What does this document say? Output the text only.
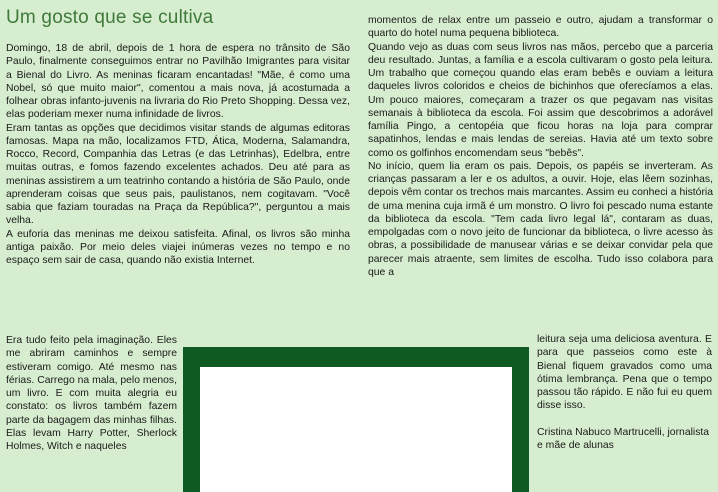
Um gosto que se cultiva

Domingo, 18 de abril, depois de 1 hora de espera no trânsito de São Paulo, finalmente conseguimos entrar no Pavilhão Imigrantes para visitar a Bienal do Livro. As meninas ficaram encantadas! "Mãe, é como uma Nobel, só que muito maior", comentou a mais nova, já acostumada a folhear obras infanto-juvenis na livraria do Rio Preto Shopping. Dessa vez, elas poderiam mexer numa infinidade de livros.

Eram tantas as opções que decidimos visitar stands de algumas editoras famosas. Mapa na mão, localizamos FTD, Ática, Moderna, Salamandra, Rocco, Record, Companhia das Letras (e das Letrinhas), Edelbra, entre muitas outras, e fomos fazendo excelentes achados. Deu até para as meninas assistirem a um teatrinho contando a história de São Paulo, onde aprenderam coisas que seus pais, paulistanos, nem cogitavam. "Você sabia que faziam touradas na Praça da República?", perguntou a mais velha.

A euforia das meninas me deixou satisfeita. Afinal, os livros são minha antiga paixão. Por meio deles viajei inúmeras vezes no tempo e no espaço sem sair de casa, quando não existia Internet.

Era tudo feito pela imaginação. Eles me abriram caminhos e sempre estiveram comigo. Até mesmo nas férias. Carrego na mala, pelo menos, um livro. E com muita alegria eu constato: os livros também fazem parte da bagagem das minhas filhas. Elas levam Harry Potter, Sherlock Holmes, Witch e naqueles

momentos de relax entre um passeio e outro, ajudam a transformar o quarto do hotel numa pequena biblioteca.

Quando vejo as duas com seus livros nas mãos, percebo que a parceria deu resultado. Juntas, a família e a escola cultivaram o gosto pela leitura. Um trabalho que começou quando elas eram bebês e ouviam a leitura daqueles livros coloridos e cheios de bichinhos que oferecíamos a elas. Um pouco maiores, começaram a trazer os que pegavam nas visitas semanais à biblioteca da escola. Foi assim que descobrimos a adorável família Pingo, a centopéia que ficou horas na loja para comprar sapatinhos, lendas e mais lendas de sereias. Havia até um texto sobre como os golfinhos encomendam seus "bebês".

No início, quem lia eram os pais. Depois, os papéis se inverteram. As crianças passaram a ler e os adultos, a ouvir. Hoje, elas lêem sozinhas, depois vêm contar os trechos mais marcantes. Assim eu conheci a história de uma menina cuja irmã é um monstro. O livro foi pescado numa estante da biblioteca da escola. "Tem cada livro legal lá", contaram as duas, empolgadas com o novo jeito de funcionar da biblioteca, o livre acesso às obras, a possibilidade de manusear várias e se deixar convidar pela que parecer mais atraente, sem limites de escolha. Tudo isso colabora para que a

leitura seja uma deliciosa aventura. E para que passeios como este à Bienal fiquem gravados como uma ótima lembrança. Pena que o tempo passou tão rápido. E não fui eu quem disse isso.

Cristina Nabuco Martrucelli, jornalista e mãe de alunas
